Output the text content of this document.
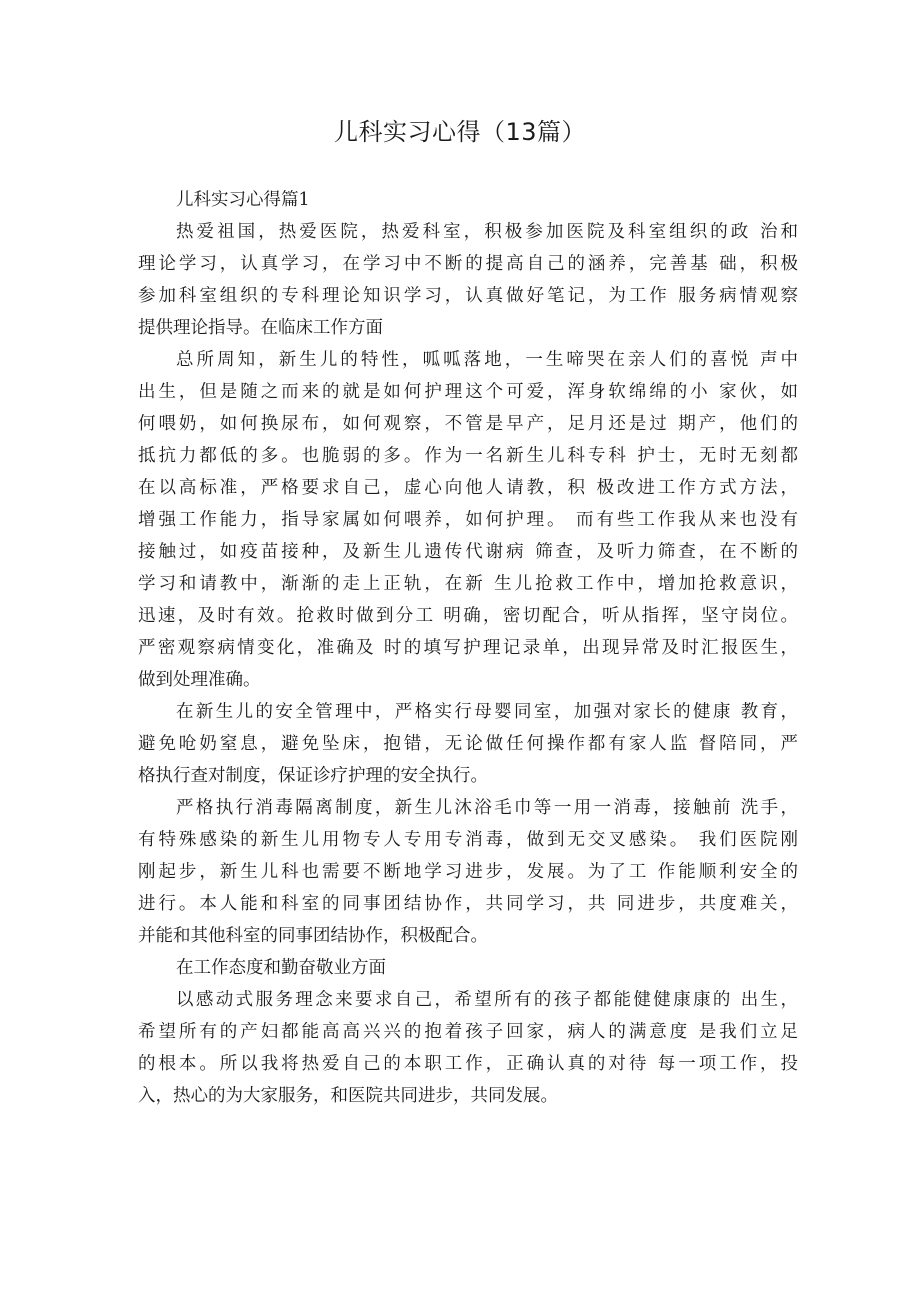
儿科实习心得（13篇）
儿科实习心得篇1
热爱祖国，热爱医院，热爱科室，积极参加医院及科室组织的政 治和
理论学习，认真学习，在学习中不断的提高自己的涵养，完善基 础，积极
参加科室组织的专科理论知识学习，认真做好笔记，为工作 服务病情观察
提供理论指导。在临床工作方面
总所周知，新生儿的特性，呱呱落地，一生啼哭在亲人们的喜悦 声中
出生，但是随之而来的就是如何护理这个可爱，浑身软绵绵的小 家伙，如
何喂奶，如何换尿布，如何观察，不管是早产，足月还是过 期产，他们的
抵抗力都低的多。也脆弱的多。作为一名新生儿科专科 护士，无时无刻都
在以高标准，严格要求自己，虚心向他人请教，积 极改进工作方式方法，
增强工作能力，指导家属如何喂养，如何护理。 而有些工作我从来也没有
接触过，如疫苗接种，及新生儿遗传代谢病 筛查，及听力筛查，在不断的
学习和请教中，渐渐的走上正轨，在新 生儿抢救工作中，增加抢救意识，
迅速，及时有效。抢救时做到分工 明确，密切配合，听从指挥，坚守岗位。
严密观察病情变化，准确及 时的填写护理记录单，出现异常及时汇报医生，
做到处理准确。
在新生儿的安全管理中，严格实行母婴同室，加强对家长的健康 教育，
避免呛奶窒息，避免坠床，抱错，无论做任何操作都有家人监 督陪同，严
格执行查对制度，保证诊疗护理的安全执行。
严格执行消毒隔离制度，新生儿沐浴毛巾等一用一消毒，接触前 洗手，
有特殊感染的新生儿用物专人专用专消毒，做到无交叉感染。 我们医院刚
刚起步，新生儿科也需要不断地学习进步，发展。为了工 作能顺利安全的
进行。本人能和科室的同事团结协作，共同学习，共 同进步，共度难关，
并能和其他科室的同事团结协作，积极配合。
在工作态度和勤奋敬业方面
以感动式服务理念来要求自己，希望所有的孩子都能健健康康的 出生，
希望所有的产妇都能高高兴兴的抱着孩子回家，病人的满意度 是我们立足
的根本。所以我将热爱自己的本职工作，正确认真的对待 每一项工作，投
入，热心的为大家服务，和医院共同进步，共同发展。
